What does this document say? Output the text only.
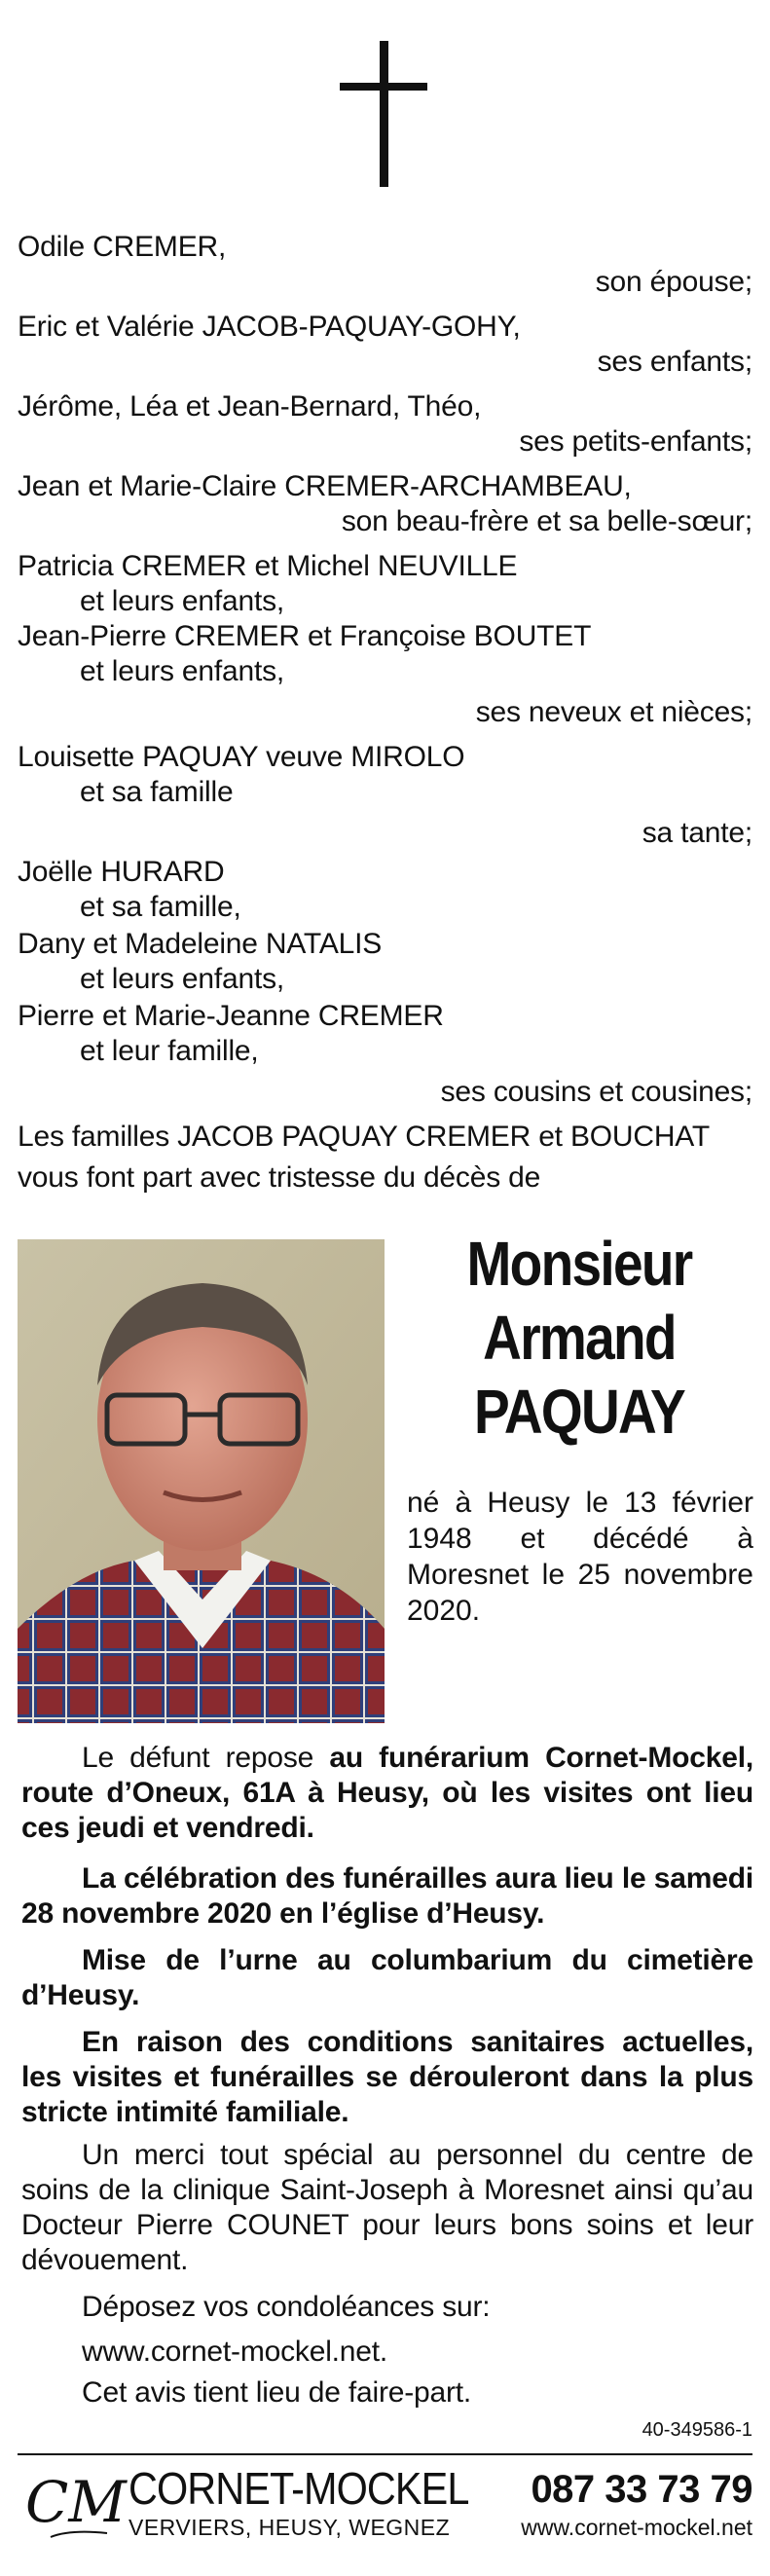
Odile CREMER,
son épouse;
Eric et Valérie JACOB-PAQUAY-GOHY,
ses enfants;
Jérôme, Léa et Jean-Bernard, Théo,
ses petits-enfants;
Jean et Marie-Claire CREMER-ARCHAMBEAU,
son beau-frère et sa belle-sœur;
Patricia CREMER et Michel NEUVILLE
et leurs enfants,
Jean-Pierre CREMER et Françoise BOUTET
et leurs enfants,
ses neveux et nièces;
Louisette PAQUAY veuve MIROLO
et sa famille
sa tante;
Joëlle HURARD
et sa famille,
Dany et Madeleine NATALIS
et leurs enfants,
Pierre et Marie-Jeanne CREMER
et leur famille,
ses cousins et cousines;
Les familles JACOB PAQUAY CREMER et BOUCHAT
vous font part avec tristesse du décès de
Monsieur
Armand
PAQUAY
né à Heusy le 13 février 1948 et décédé à Moresnet le 25 novembre 2020.
Le défunt repose au funérarium Cornet-Mockel, route d’Oneux, 61A à Heusy, où les visites ont lieu ces jeudi et vendredi.
La célébration des funérailles aura lieu le samedi 28 novembre 2020 en l’église d’Heusy.
Mise de l’urne au columbarium du cimetière d’Heusy.
En raison des conditions sanitaires actuelles, les visites et funérailles se dérouleront dans la plus stricte intimité familiale.
Un merci tout spécial au personnel du centre de soins de la clinique Saint-Joseph à Moresnet ainsi qu’au Docteur Pierre COUNET pour leurs bons soins et leur dévouement.
Déposez vos condoléances sur:
www.cornet-mockel.net.
Cet avis tient lieu de faire-part.
40-349586-1
CM CORNET-MOCKEL
VERVIERS, HEUSY, WEGNEZ
087 33 73 79
www.cornet-mockel.net
